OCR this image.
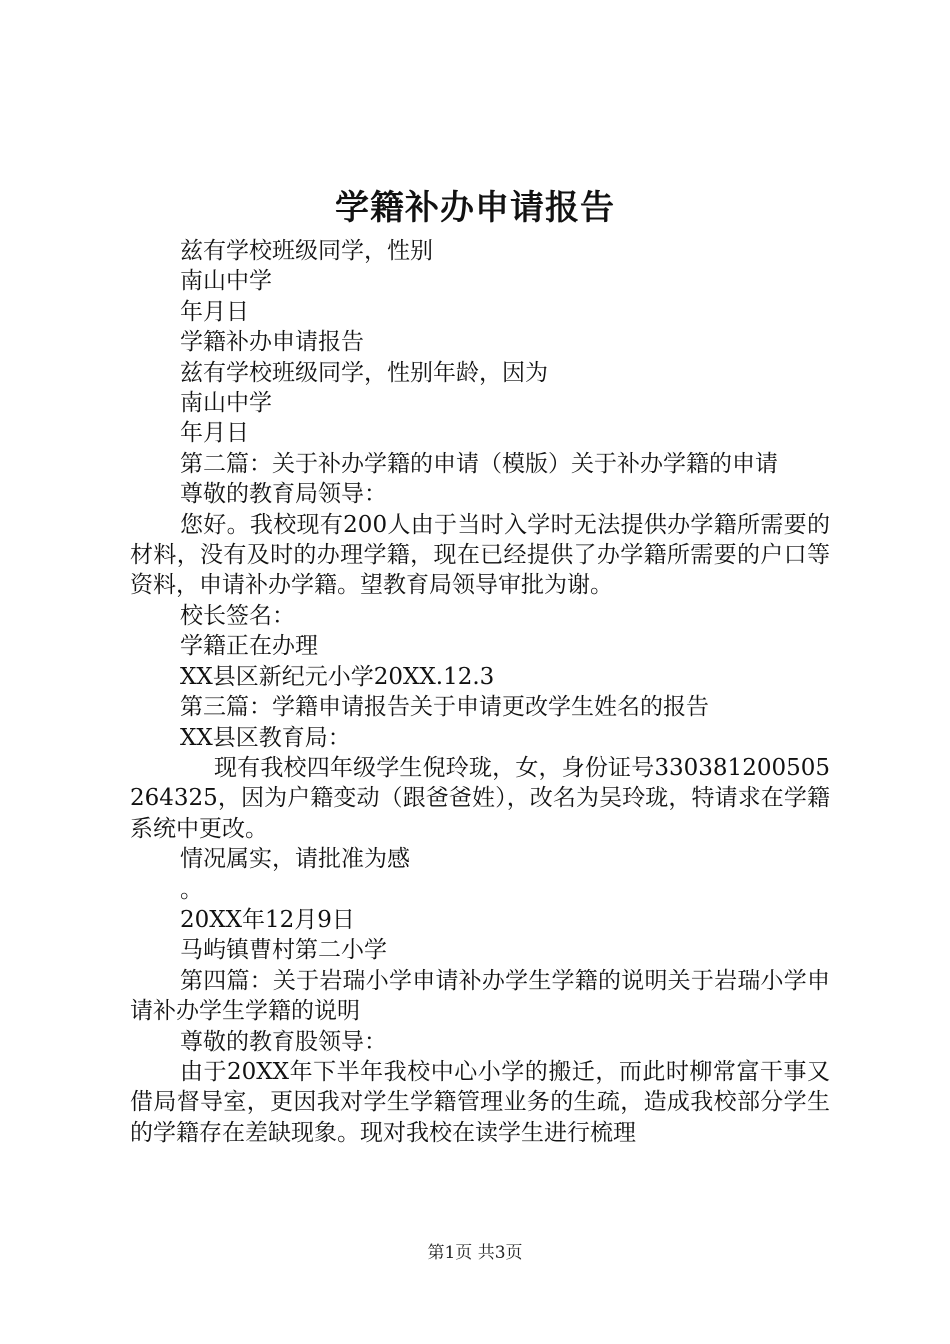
学籍补办申请报告

兹有学校班级同学，性别

南山中学

年月日

学籍补办申请报告

兹有学校班级同学，性别年龄，因为

南山中学

年月日

第二篇：关于补办学籍的申请（模版）关于补办学籍的申请

尊敬的教育局领导：

您好。我校现有200人由于当时入学时无法提供办学籍所需要的材料，没有及时的办理学籍，现在已经提供了办学籍所需要的户口等资料，申请补办学籍。望教育局领导审批为谢。

校长签名：

学籍正在办理

XX县区新纪元小学20XX.12.3

第三篇：学籍申请报告关于申请更改学生姓名的报告

XX县区教育局：

现有我校四年级学生倪玲珑，女，身份证号330381200505264325，因为户籍变动（跟爸爸姓），改名为吴玲珑，特请求在学籍系统中更改。

情况属实，请批准为感

。

20XX年12月9日

马屿镇曹村第二小学

第四篇：关于岩瑞小学申请补办学生学籍的说明关于岩瑞小学申请补办学生学籍的说明

尊敬的教育股领导：

由于20XX年下半年我校中心小学的搬迁，而此时柳常富干事又借局督导室，更因我对学生学籍管理业务的生疏，造成我校部分学生的学籍存在差缺现象。现对我校在读学生进行梳理

第1页 共3页
